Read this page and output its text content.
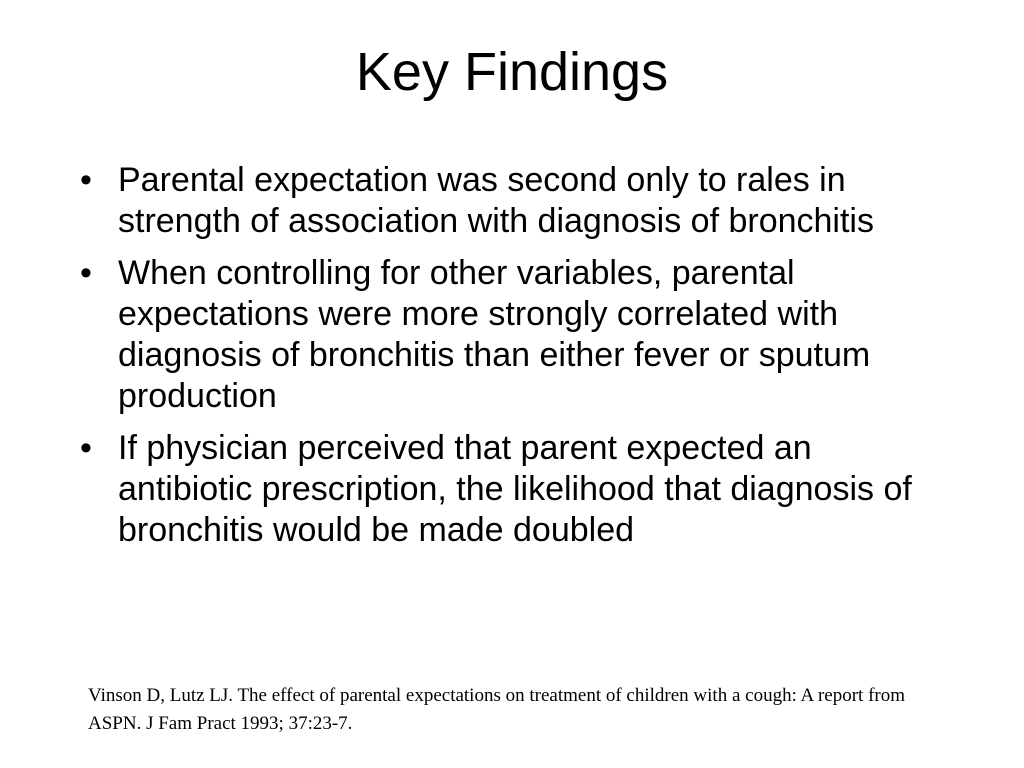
Key Findings
• Parental expectation was second only to rales in strength of association with diagnosis of bronchitis
• When controlling for other variables, parental expectations were more strongly correlated with diagnosis of bronchitis than either fever or sputum production
• If physician perceived that parent expected an antibiotic prescription, the likelihood that diagnosis of bronchitis would be made doubled

Vinson D, Lutz LJ. The effect of parental expectations on treatment of children with a cough: A report from ASPN. J Fam Pract 1993; 37:23-7.
